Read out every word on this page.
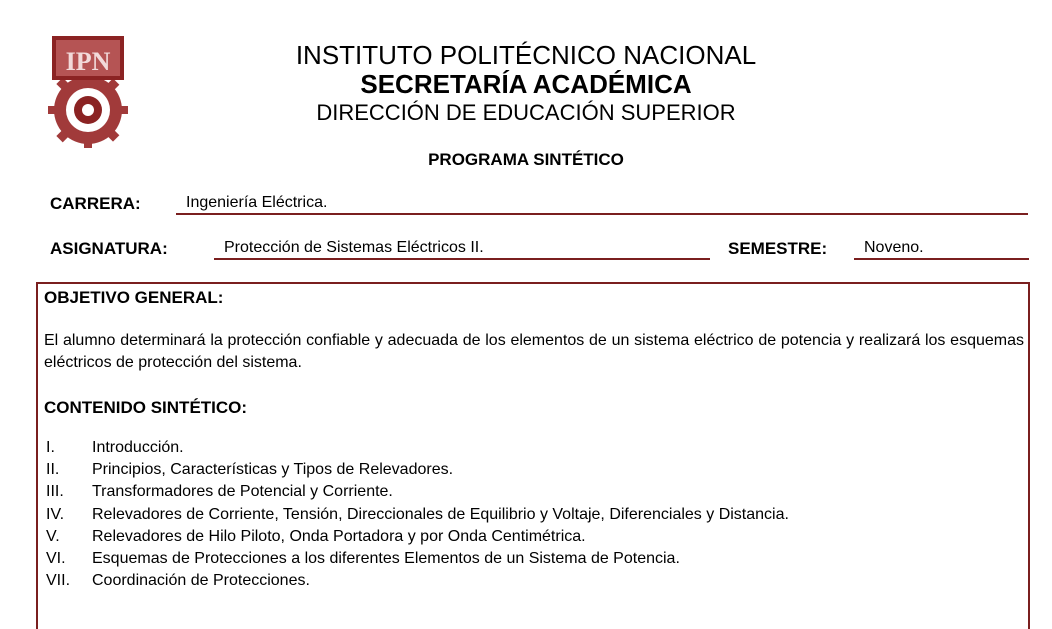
IPN	INSTITUTO POLITÉCNICO NACIONAL
SECRETARÍA ACADÉMICA
DIRECCIÓN DE EDUCACIÓN SUPERIOR
PROGRAMA SINTÉTICO
CARRERA:	Ingeniería Eléctrica.
ASIGNATURA:	Protección de Sistemas Eléctricos II.	SEMESTRE:	Noveno.
OBJETIVO GENERAL:
El alumno determinará la protección confiable y adecuada de los elementos de un sistema eléctrico de potencia y realizará los esquemas eléctricos de protección del sistema.
CONTENIDO SINTÉTICO:
I.	Introducción.
II.	Principios, Características y Tipos de Relevadores.
III.	Transformadores de Potencial y Corriente.
IV.	Relevadores de Corriente, Tensión, Direccionales de Equilibrio y Voltaje, Diferenciales y Distancia.
V.	Relevadores de Hilo Piloto, Onda Portadora y por Onda Centimétrica.
VI.	Esquemas de Protecciones a los diferentes Elementos de un Sistema de Potencia.
VII.	Coordinación de Protecciones.
